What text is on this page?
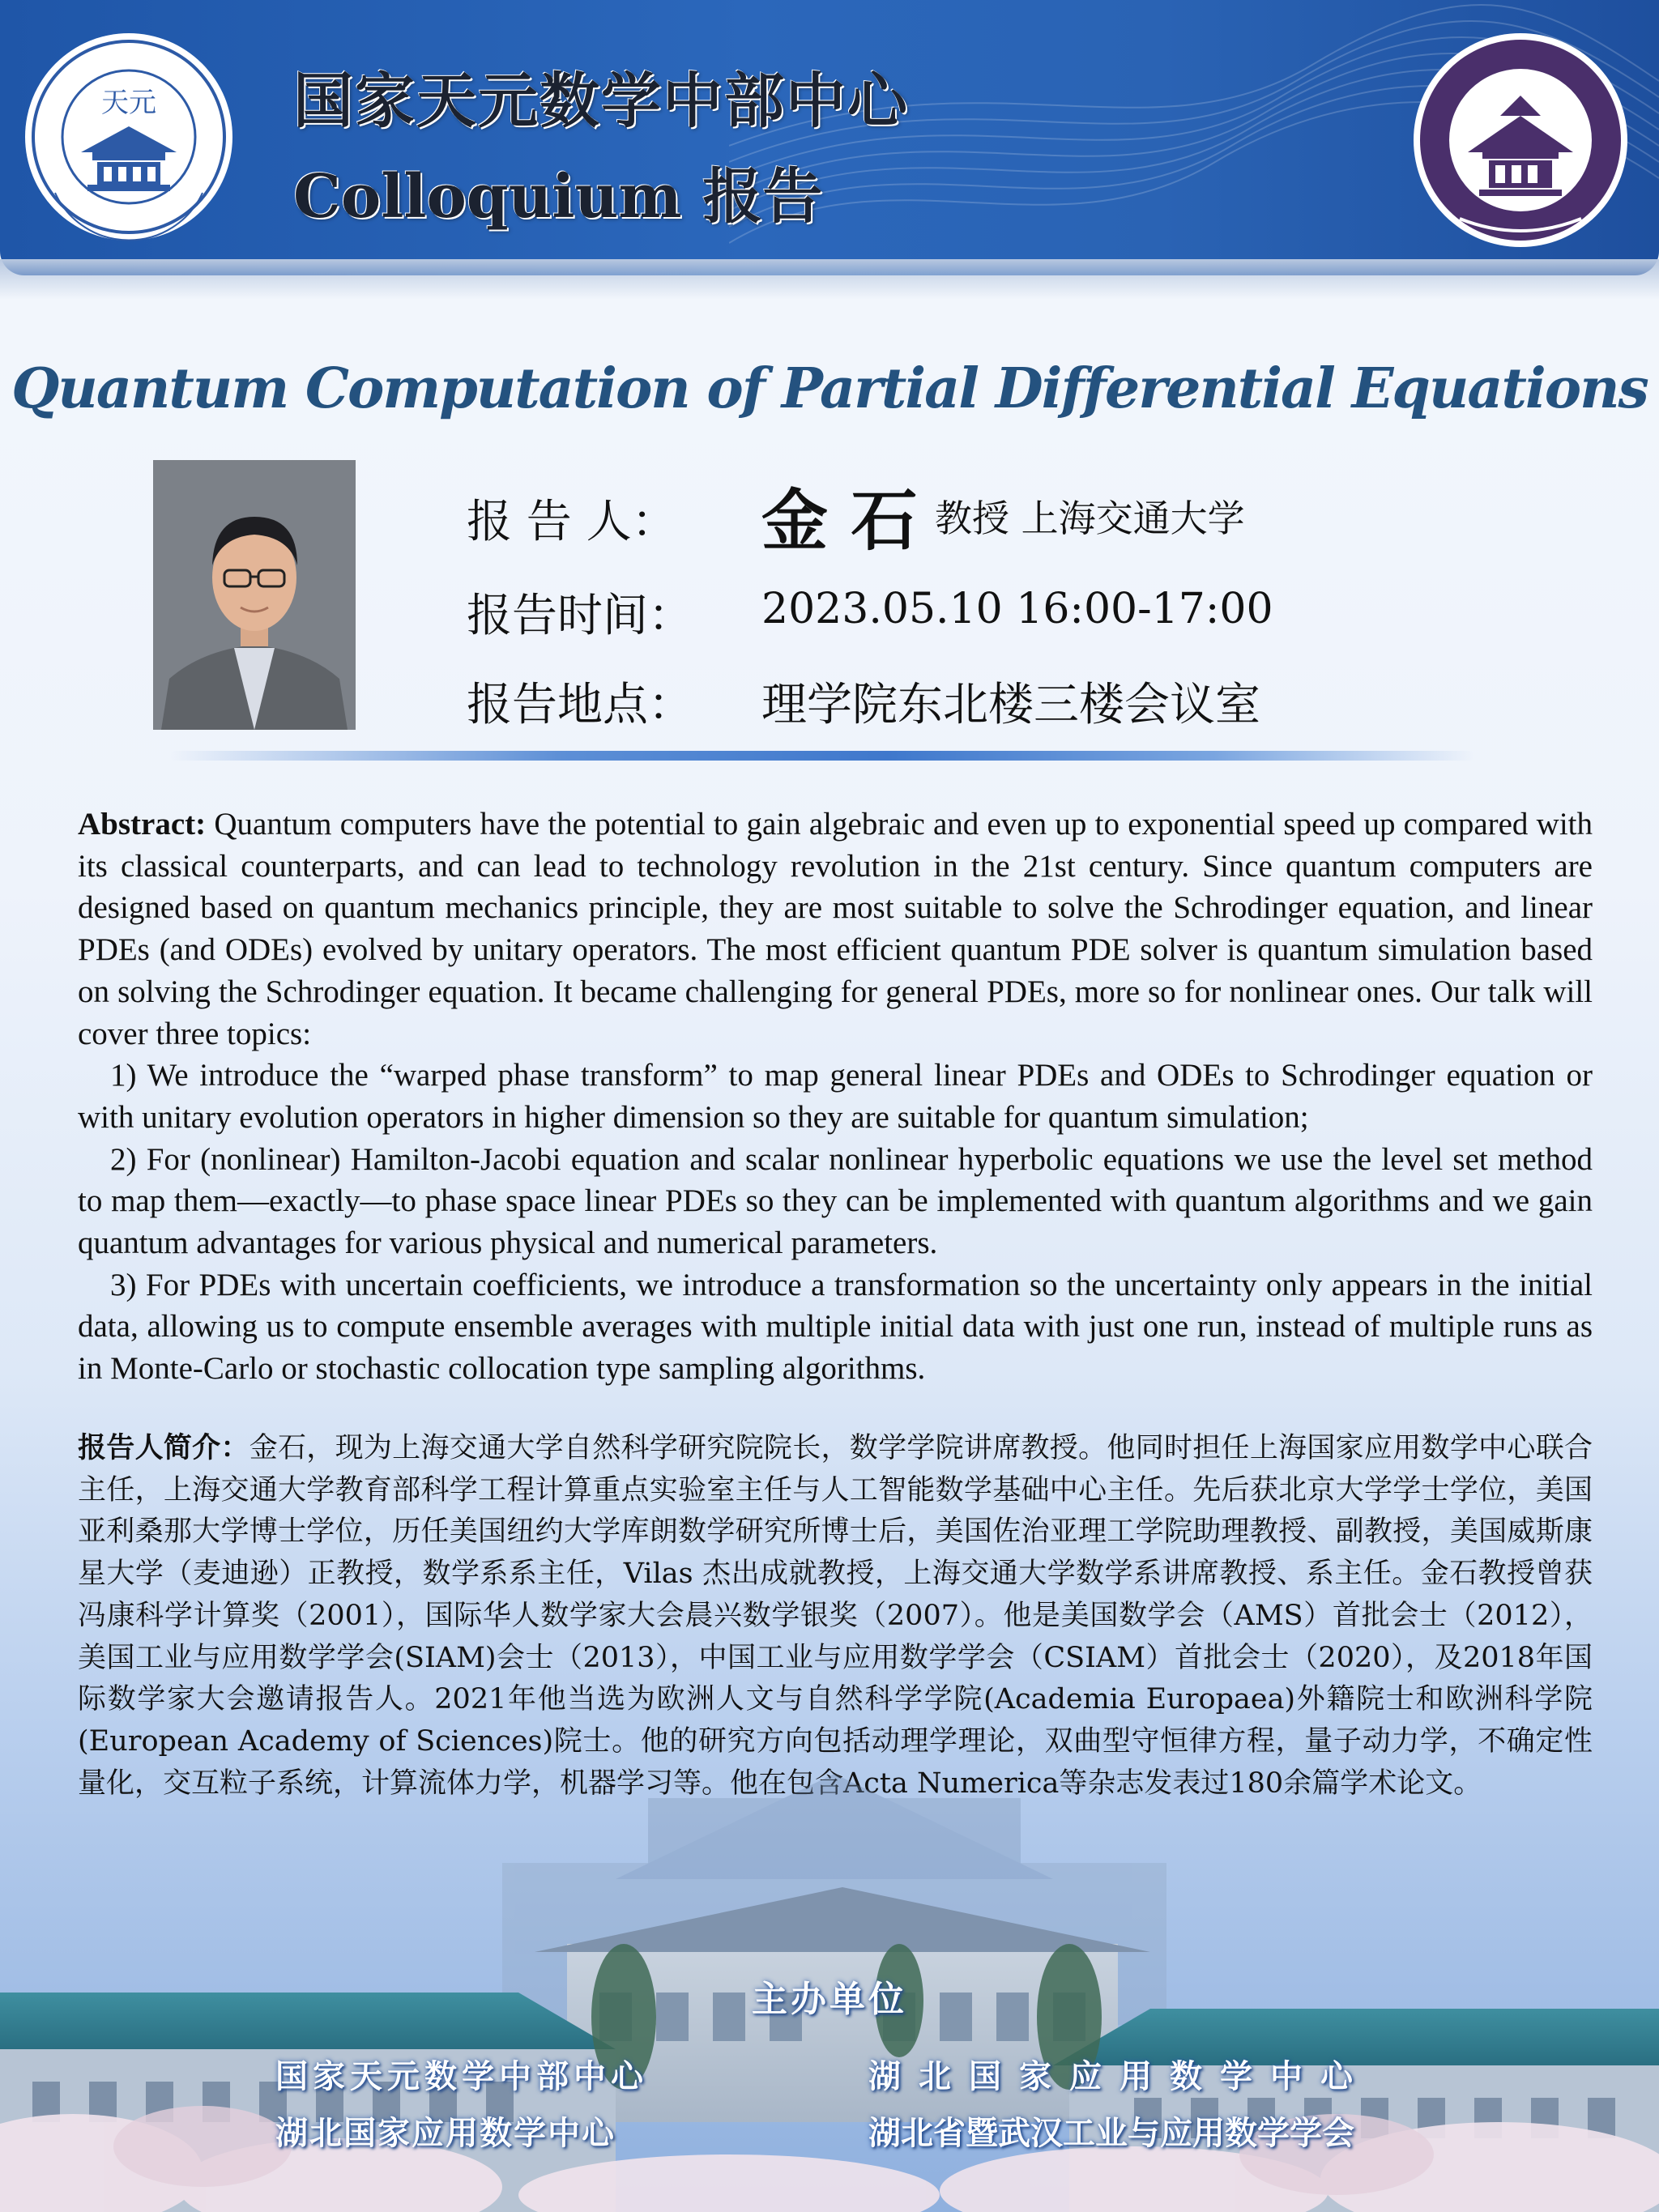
天元 国家天元数学中部中心
Colloquium 报告
Quantum Computation of Partial Differential Equations
报 告 人： 金 石 教授 上海交通大学
报告时间： 2023.05.10 16:00-17:00
报告地点： 理学院东北楼三楼会议室

Abstract: Quantum computers have the potential to gain algebraic and even up to exponential speed up compared with its classical counterparts, and can lead to technology revolution in the 21st century. Since quantum computers are designed based on quantum mechanics principle, they are most suitable to solve the Schrodinger equation, and linear PDEs (and ODEs) evolved by unitary operators. The most efficient quantum PDE solver is quantum simulation based on solving the Schrodinger equation. It became challenging for general PDEs, more so for nonlinear ones. Our talk will cover three topics:

1) We introduce the “warped phase transform” to map general linear PDEs and ODEs to Schrodinger equation or with unitary evolution operators in higher dimension so they are suitable for quantum simulation;

2) For (nonlinear) Hamilton-Jacobi equation and scalar nonlinear hyperbolic equations we use the level set method to map them—exactly—to phase space linear PDEs so they can be implemented with quantum algorithms and we gain quantum advantages for various physical and numerical parameters.

3) For PDEs with uncertain coefficients, we introduce a transformation so the uncertainty only appears in the initial data, allowing us to compute ensemble averages with multiple initial data with just one run, instead of multiple runs as in Monte-Carlo or stochastic collocation type sampling algorithms.

报告人简介：金石，现为上海交通大学自然科学研究院院长，数学学院讲席教授。他同时担任上海国家应用数学中心联合主任，上海交通大学教育部科学工程计算重点实验室主任与人工智能数学基础中心主任。先后获北京大学学士学位，美国亚利桑那大学博士学位，历任美国纽约大学库朗数学研究所博士后，美国佐治亚理工学院助理教授、副教授，美国威斯康星大学（麦迪逊）正教授，数学系系主任，Vilas 杰出成就教授，上海交通大学数学系讲席教授、系主任。金石教授曾获冯康科学计算奖（2001），国际华人数学家大会晨兴数学银奖（2007）。他是美国数学会（AMS）首批会士（2012），美国工业与应用数学学会(SIAM)会士（2013），中国工业与应用数学学会（CSIAM）首批会士（2020），及2018年国际数学家大会邀请报告人。2021年他当选为欧洲人文与自然科学学院(Academia Europaea)外籍院士和欧洲科学院(European Academy of Sciences)院士。他的研究方向包括动理学理论，双曲型守恒律方程，量子动力学，不确定性量化，交互粒子系统，计算流体力学，机器学习等。他在包含Acta Numerica等杂志发表过180余篇学术论文。
主办单位
国家天元数学中部中心	湖北国家应用数学中心
湖北国家应用数学中心	湖北省暨武汉工业与应用数学学会
